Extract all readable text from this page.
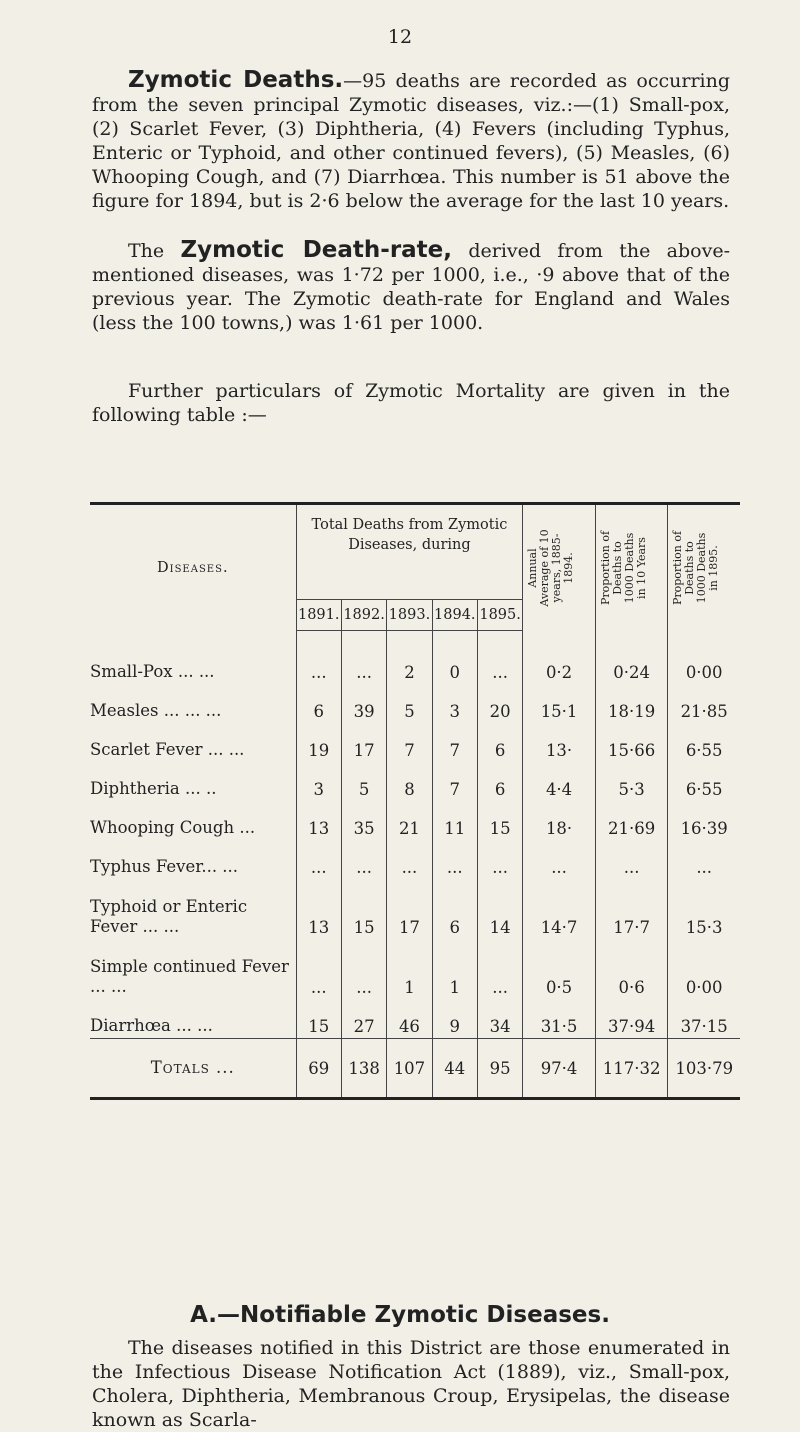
12

Zymotic Deaths.—95 deaths are recorded as occurring from the seven principal Zymotic diseases, viz.:—(1) Small-pox, (2) Scarlet Fever, (3) Diphtheria, (4) Fevers (including Typhus, Enteric or Typhoid, and other continued fevers), (5) Measles, (6) Whooping Cough, and (7) Diarrhœa. This number is 51 above the figure for 1894, but is 2·6 below the average for the last 10 years.

The Zymotic Death-rate, derived from the above-mentioned diseases, was 1·72 per 1000, i.e., ·9 above that of the previous year. The Zymotic death-rate for England and Wales (less the 100 towns,) was 1·61 per 1000.

Further particulars of Zymotic Mortality are given in the following table :—

Diseases.	Total Deaths from Zymotic Diseases, during					Annual Average of 10 years, 1885-1894.	Proportion of Deaths to 1000 Deaths in 10 Years	Proportion of Deaths to 1000 Deaths in 1895.

	1891.	1892.	1893.	1894.	1895.			

Small-Pox ... ...	...	...	2	0	...	0·2	0·24	0·00
Measles ... ... ...	6	39	5	3	20	15·1	18·19	21·85
Scarlet Fever ... ...	19	17	7	7	6	13·	15·66	6·55
Diphtheria ... ..	3	5	8	7	6	4·4	5·3	6·55
Whooping Cough ...	13	35	21	11	15	18·	21·69	16·39
Typhus Fever... ...	...	...	...	...	...	...	...	...
Typhoid or Enteric Fever ... ...	13	15	17	6	14	14·7	17·7	15·3
Simple continued Fever ... ...	...	...	1	1	...	0·5	0·6	0·00
Diarrhœa ... ...	15	27	46	9	34	31·5	37·94	37·15
Totals ...	69	138	107	44	95	97·4	117·32	103·79
A.—Notifiable Zymotic Diseases.

The diseases notified in this District are those enumerated in the Infectious Disease Notification Act (1889), viz., Small-pox, Cholera, Diphtheria, Membranous Croup, Erysipelas, the disease known as Scarla-
